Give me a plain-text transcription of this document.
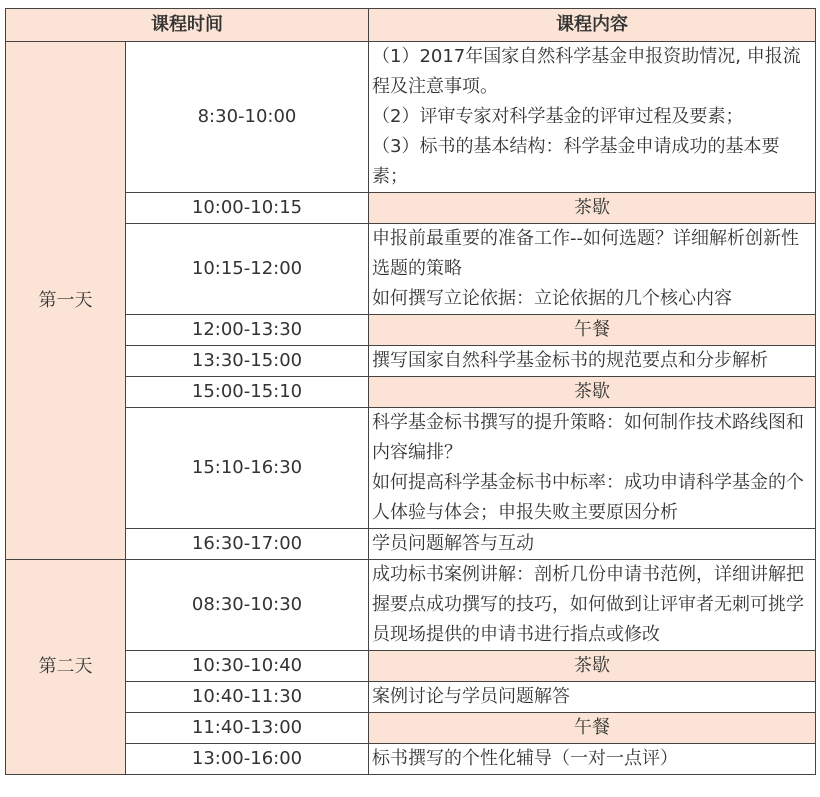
课程时间		课程内容
第一天	8:30-10:00	（1）2017年国家自然科学基金申报资助情况, 申报流程及注意事项。
（2）评审专家对科学基金的评审过程及要素；
（3）标书的基本结构：科学基金申请成功的基本要素；

	10:00-10:15	茶歇

	10:15-12:00	申报前最重要的准备工作--如何选题？详细解析创新性选题的策略
如何撰写立论依据：立论依据的几个核心内容

	12:00-13:30	午餐

	13:30-15:00	撰写国家自然科学基金标书的规范要点和分步解析

	15:00-15:10	茶歇

	15:10-16:30	科学基金标书撰写的提升策略：如何制作技术路线图和内容编排？
如何提高科学基金标书中标率：成功申请科学基金的个人体验与体会；申报失败主要原因分析

	16:30-17:00	学员问题解答与互动

第二天	08:30-10:30	成功标书案例讲解：剖析几份申请书范例，详细讲解把握要点成功撰写的技巧，如何做到让评审者无刺可挑学员现场提供的申请书进行指点或修改

	10:30-10:40	茶歇

	10:40-11:30	案例讨论与学员问题解答

	11:40-13:00	午餐

	13:00-16:00	标书撰写的个性化辅导（一对一点评）
